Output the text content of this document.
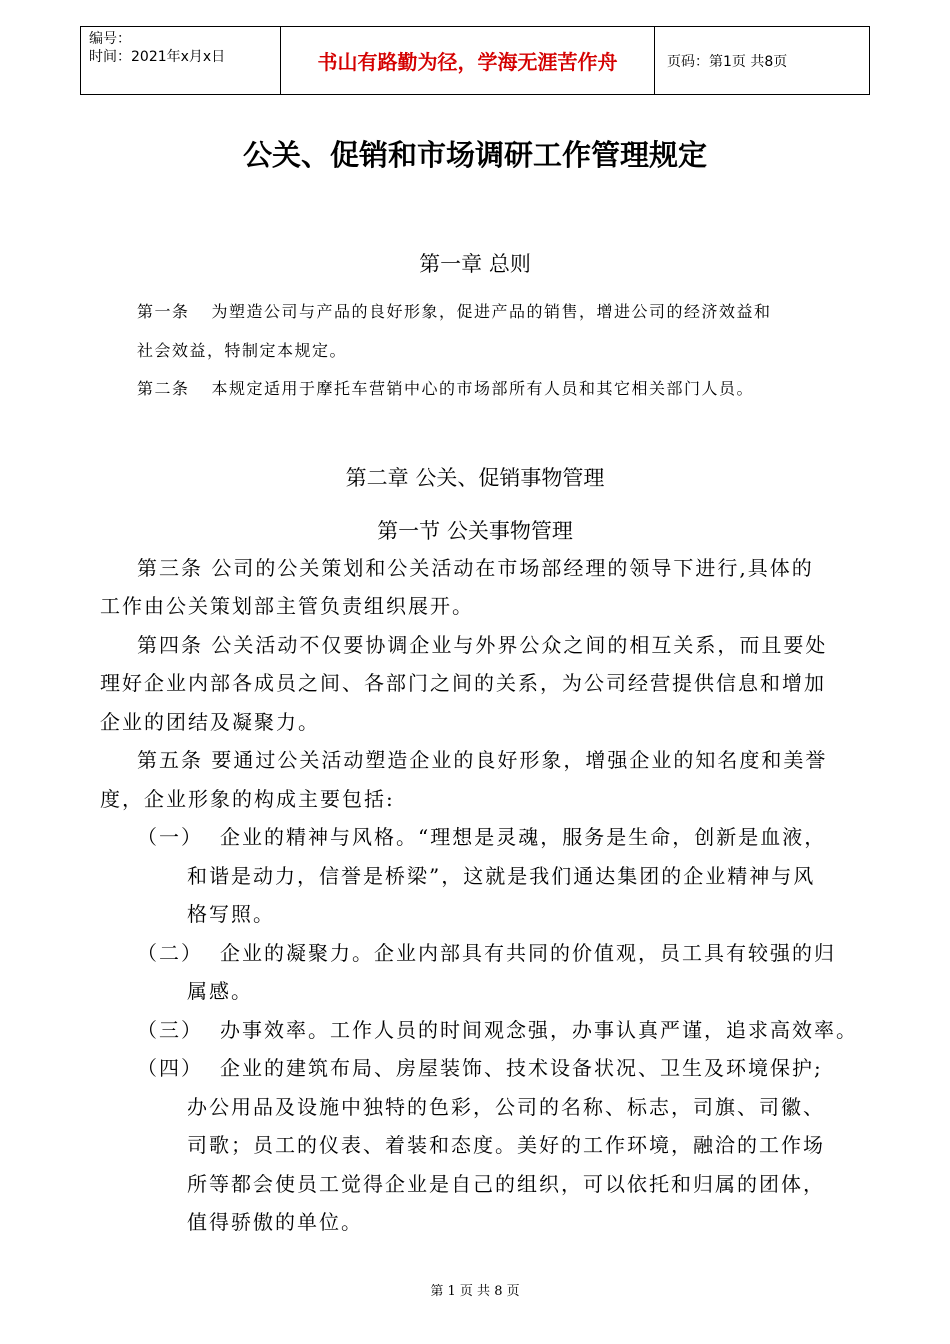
编号：
时间：2021年x月x日	书山有路勤为径，学海无涯苦作舟	页码：第1页 共8页
公关、促销和市场调研工作管理规定
第一章 总则
第一条 为塑造公司与产品的良好形象，促进产品的销售，增进公司的经济效益和
社会效益，特制定本规定。
第二条 本规定适用于摩托车营销中心的市场部所有人员和其它相关部门人员。
第二章 公关、促销事物管理
第一节 公关事物管理
第三条 公司的公关策划和公关活动在市场部经理的领导下进行,具体的
工作由公关策划部主管负责组织展开。
第四条 公关活动不仅要协调企业与外界公众之间的相互关系，而且要处
理好企业内部各成员之间、各部门之间的关系，为公司经营提供信息和增加
企业的团结及凝聚力。
第五条 要通过公关活动塑造企业的良好形象，增强企业的知名度和美誉
度，企业形象的构成主要包括:
（一） 企业的精神与风格。“理想是灵魂，服务是生命，创新是血液，
和谐是动力，信誉是桥梁”，这就是我们通达集团的企业精神与风
格写照。
（二） 企业的凝聚力。企业内部具有共同的价值观，员工具有较强的归
属感。
（三） 办事效率。工作人员的时间观念强，办事认真严谨，追求高效率。
（四） 企业的建筑布局、房屋装饰、技术设备状况、卫生及环境保护;
办公用品及设施中独特的色彩，公司的名称、标志，司旗、司徽、
司歌；员工的仪表、着装和态度。美好的工作环境，融洽的工作场
所等都会使员工觉得企业是自己的组织，可以依托和归属的团体，
值得骄傲的单位。
第 1 页 共 8 页
